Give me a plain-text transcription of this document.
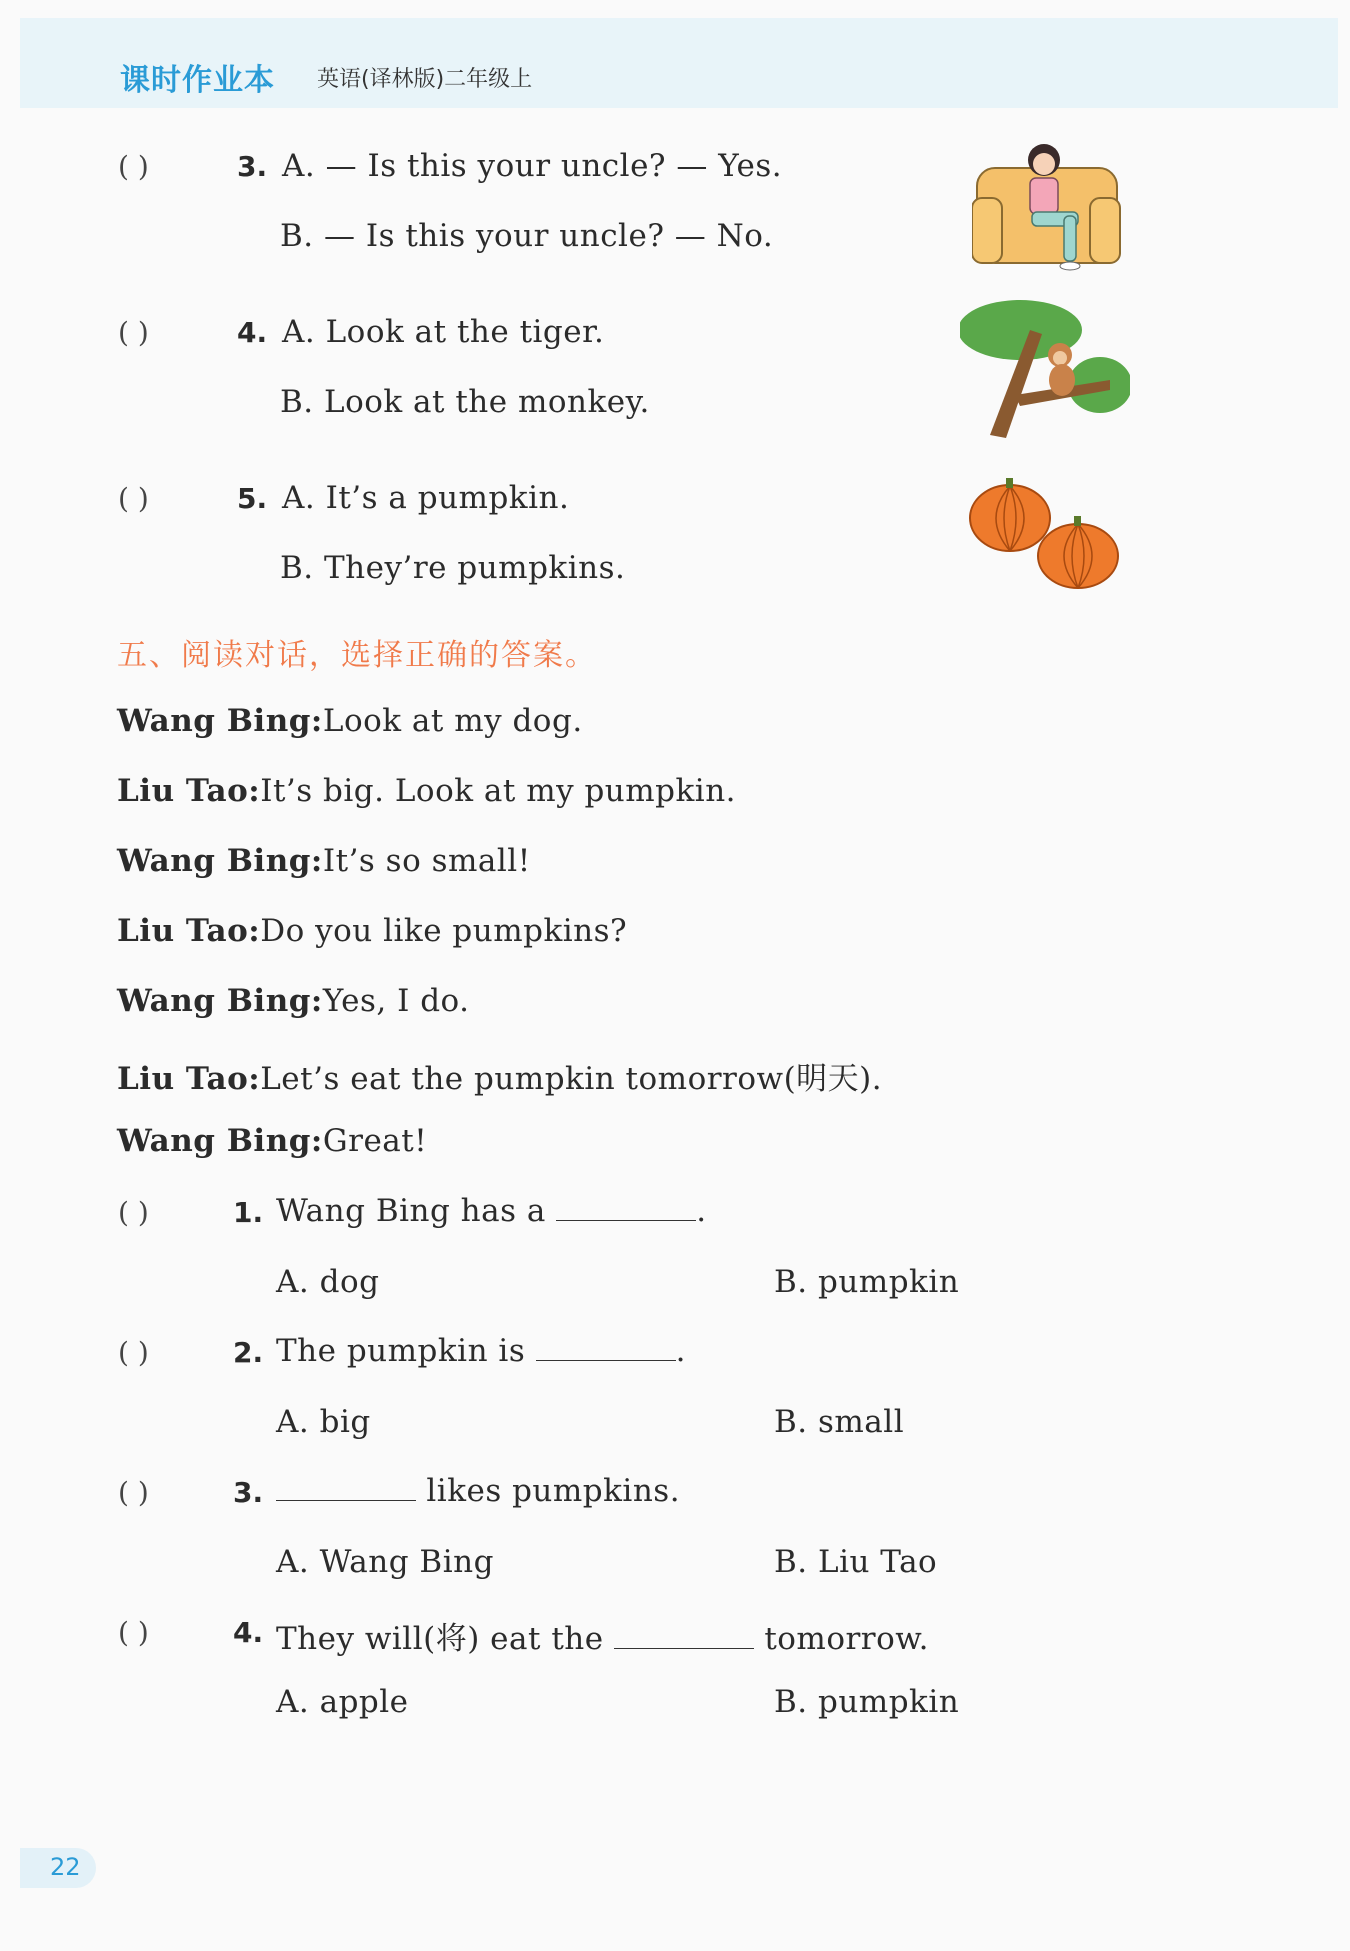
课时作业本 英语(译林版)二年级上
( )	3. A. — Is this your uncle? — Yes.
B. — Is this your uncle? — No.
( )	4. A. Look at the tiger.
B. Look at the monkey.
( )	5. A. It’s a pumpkin.
B. They’re pumpkins.
五、阅读对话，选择正确的答案。
Wang Bing:Look at my dog.
Liu Tao:It’s big. Look at my pumpkin.
Wang Bing:It’s so small!
Liu Tao:Do you like pumpkins?
Wang Bing:Yes, I do.
Liu Tao:Let’s eat the pumpkin tomorrow(明天).
Wang Bing:Great!
( )	1. Wang Bing has a	.
A. dog	B. pumpkin
( )	2. The pumpkin is	.
A. big	B. small
( )	3.	likes pumpkins.
A. Wang Bing	B. Liu Tao
( )	4. They will(将) eat the	tomorrow.
A. apple	B. pumpkin
22
